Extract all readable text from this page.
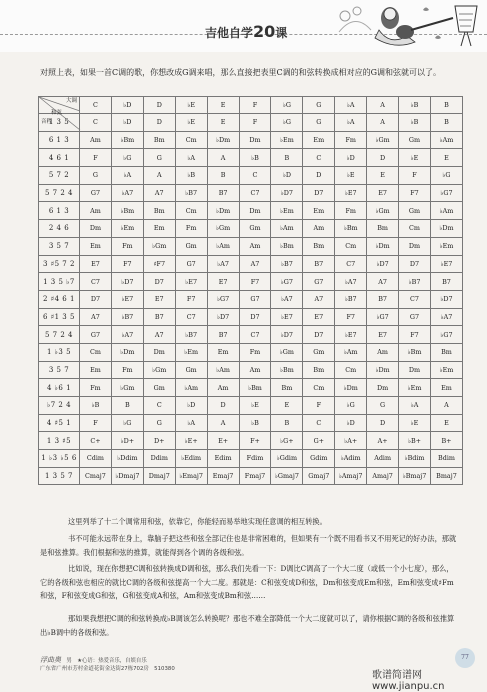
吉他自学20课
对照上表，如果一首C调的歌，你想改成G调来唱，那么直接把表里C调的和弦转换成相对应的G调和弦就可以了。
大调
和弦
音程	C	♭D	D	♭E	E	F	♭G	G	♭A	A	♭B	B
1 3 5	C	♭D	D	♭E	E	F	♭G	G	♭A	A	♭B	B
6 1 3	Am	♭Bm	Bm	Cm	♭Dm	Dm	♭Em	Em	Fm	♭Gm	Gm	♭Am
4 6 1	F	♭G	G	♭A	A	♭B	B	C	♭D	D	♭E	E
5 7 2	G	♭A	A	♭B	B	C	♭D	D	♭E	E	F	♭G
5 7 2 4	G7	♭A7	A7	♭B7	B7	C7	♭D7	D7	♭E7	E7	F7	♭G7
6 1 3	Am	♭Bm	Bm	Cm	♭Dm	Dm	♭Em	Em	Fm	♭Gm	Gm	♭Am
2 4 6	Dm	♭Em	Em	Fm	♭Gm	Gm	♭Am	Am	♭Bm	Bm	Cm	♭Dm
3 5 7	Em	Fm	♭Gm	Gm	♭Am	Am	♭Bm	Bm	Cm	♭Dm	Dm	♭Em
3 ♯5 7 2	E7	F7	♯F7	G7	♭A7	A7	♭B7	B7	C7	♭D7	D7	♭E7
1 3 5 ♭7	C7	♭D7	D7	♭E7	E7	F7	♭G7	G7	♭A7	A7	♭B7	B7
2 ♯4 6 1	D7	♭E7	E7	F7	♭G7	G7	♭A7	A7	♭B7	B7	C7	♭D7
6 ♯1 3 5	A7	♭B7	B7	C7	♭D7	D7	♭E7	E7	F7	♭G7	G7	♭A7
5 7 2 4	G7	♭A7	A7	♭B7	B7	C7	♭D7	D7	♭E7	E7	F7	♭G7
1 ♭3 5	Cm	♭Dm	Dm	♭Em	Em	Fm	♭Gm	Gm	♭Am	Am	♭Bm	Bm
3 5 7	Em	Fm	♭Gm	Gm	♭Am	Am	♭Bm	Bm	Cm	♭Dm	Dm	♭Em
4 ♭6 1	Fm	♭Gm	Gm	♭Am	Am	♭Bm	Bm	Cm	♭Dm	Dm	♭Em	Em
♭7 2 4	♭B	B	C	♭D	D	♭E	E	F	♭G	G	♭A	A
4 ♯5 1	F	♭G	G	♭A	A	♭B	B	C	♭D	D	♭E	E
1 3 ♯5	C+	♭D+	D+	♭E+	E+	F+	♭G+	G+	♭A+	A+	♭B+	B+
1 ♭3 ♭5 6	Cdim	♭Ddim	Ddim	♭Edim	Edim	Fdim	♭Gdim	Gdim	♭Adim	Adim	♭Bdim	Bdim
1 3 5 7	Cmaj7	♭Dmaj7	Dmaj7	♭Emaj7	Emaj7	Fmaj7	♭Gmaj7	Gmaj7	♭Amaj7	Amaj7	♭Bmaj7	Bmaj7
这里列举了十二个调常用和弦，依靠它，你能轻而易举地实现任意调的相互转换。
书不可能永远带在身上，靠脑子把这些和弦全部记住也是非常困难的，但如果有一个既不用看书又不用死记的好办法，那就是和弦推算。我们根据和弦的推算，就能得到各个调的各级和弦。
比如说，现在你想把C调和弦转换成D调和弦，那么我们先看一下：D调比C调高了一个大二度（或低一个小七度），那么，它的各级和弦也相应的就比C调的各级和弦提高一个大二度。那就是：C和弦变成D和弦，Dm和弦变成Em和弦，Em和弦变成♯Fm和弦，F和弦变成G和弦，G和弦变成A和弦，Am和弦变成Bm和弦……
那如果我想把C调的和弦转换成♭B调该怎么转换呢？那也不难全部降低一个大二度就可以了，请你根据C调的各级和弦推算出♭B调中的各级和弦。
浮曲奥　 男　★心语：热爱音乐，自娱自乐
广东省广州市芳村金道花街金达街27栋702房　510380
77
歌谱简谱网 www.jianpu.cn
